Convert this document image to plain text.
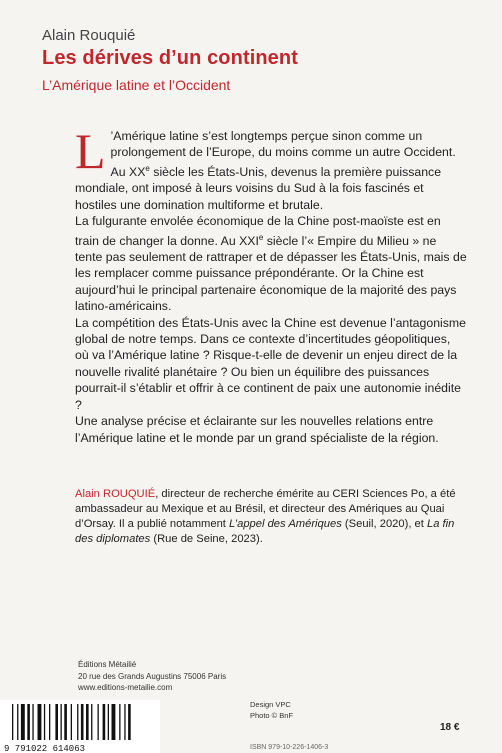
Alain Rouquié
Les dérives d’un continent
L’Amérique latine et l’Occident

L ’Amérique latine s’est longtemps perçue sinon comme un prolongement de l’Europe, du moins comme un autre Occident. Au XXe siècle les États-Unis, devenus la première puissance mondiale, ont imposé à leurs voisins du Sud à la fois fascinés et hostiles une domination multiforme et brutale.

La fulgurante envolée économique de la Chine post-maoïste est en train de changer la donne. Au XXIe siècle l’« Empire du Milieu » ne tente pas seulement de rattraper et de dépasser les États-Unis, mais de les remplacer comme puissance prépondérante. Or la Chine est aujourd’hui le principal partenaire économique de la majorité des pays latino-américains.

La compétition des États-Unis avec la Chine est devenue l’antagonisme global de notre temps. Dans ce contexte d’incertitudes géopolitiques, où va l’Amérique latine ? Risque-t-elle de devenir un enjeu direct de la nouvelle rivalité planétaire ? Ou bien un équilibre des puissances pourrait-il s’établir et offrir à ce continent de paix une autonomie inédite ?

Une analyse précise et éclairante sur les nouvelles relations entre l’Amérique latine et le monde par un grand spécialiste de la région.

Alain ROUQUIÉ, directeur de recherche émérite au CERI Sciences Po, a été ambassadeur au Mexique et au Brésil, et directeur des Amériques au Quai d’Orsay. Il a publié notamment L’appel des Amériques (Seuil, 2020), et La fin des diplomates (Rue de Seine, 2023).
Éditions Métailié
20 rue des Grands Augustins 75006 Paris
www.editions-metailie.com
9 791022 614063
Design VPC
Photo © BnF
ISBN 979-10-226-1406-3
18 €
